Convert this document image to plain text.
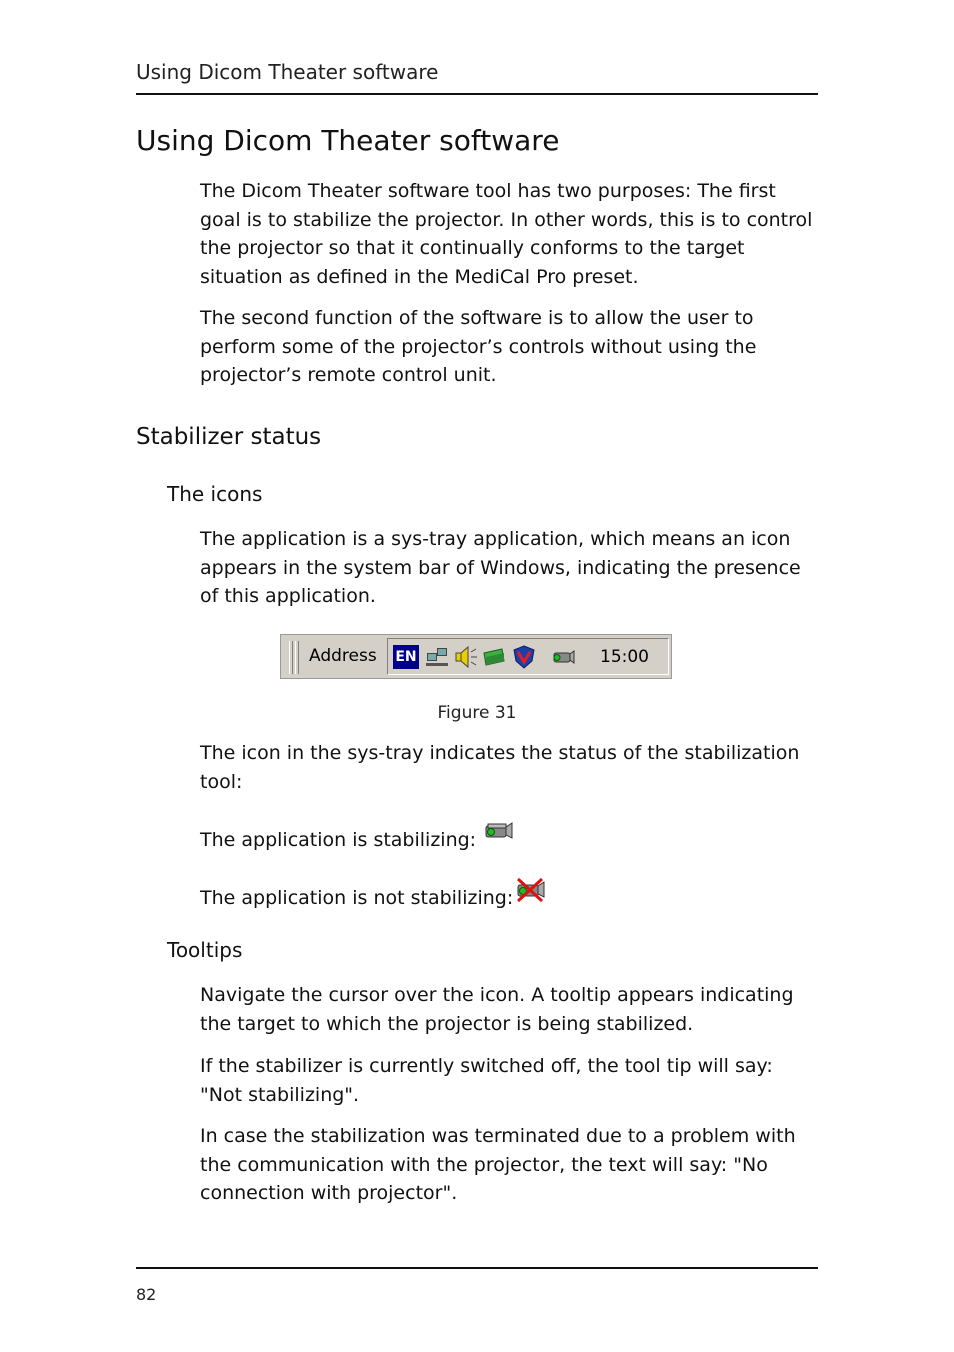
Using Dicom Theater software
Using Dicom Theater software

The Dicom Theater software tool has two purposes: The first goal is to stabilize the projector. In other words, this is to control the projector so that it continually conforms to the target situation as defined in the MediCal Pro preset.

The second function of the software is to allow the user to perform some of the projector’s controls without using the projector’s remote control unit.

Stabilizer status
The icons

The application is a sys-tray application, which means an icon appears in the system bar of Windows, indicating the presence of this application.

Address EN	15:00
Figure 31

The icon in the sys-tray indicates the status of the stabilization tool:

The application is stabilizing:

The application is not stabilizing:

Tooltips

Navigate the cursor over the icon. A tooltip appears indicating the target to which the projector is being stabilized.

If the stabilizer is currently switched off, the tool tip will say: "Not stabilizing".

In case the stabilization was terminated due to a problem with the communication with the projector, the text will say: "No connection with projector".

82
